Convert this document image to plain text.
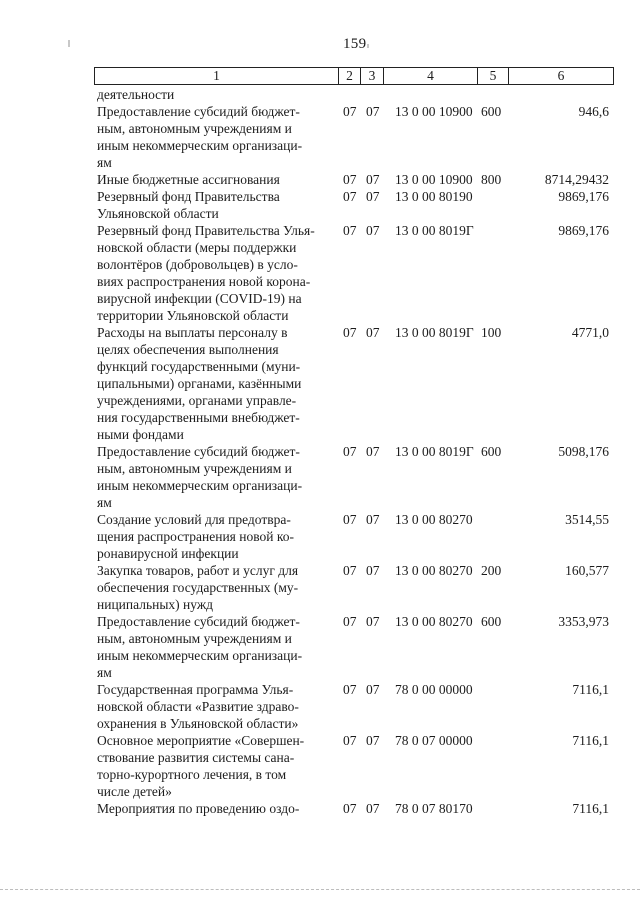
159
1	2	3	4	5	6
деятельности
Предоставление субсидий бюджет-
ным, автономным учреждениям и
иным некоммерческим организаци-
ям
07 07 13 0 00 10900 600	946,6
Иные бюджетные ассигнования	07 07 13 0 00 10900 800	8714,29432
Резервный фонд Правительства
Ульяновской области
07 07 13 0 00 80190	9869,176
Резервный фонд Правительства Улья-
новской области (меры поддержки
волонтёров (добровольцев) в усло-
виях распространения новой корона-
вирусной инфекции (COVID-19) на
территории Ульяновской области
07 07 13 0 00 8019Г	9869,176
Расходы на выплаты персоналу в
целях обеспечения выполнения
функций государственными (муни-
ципальными) органами, казёнными
учреждениями, органами управле-
ния государственными внебюджет-
ными фондами
07 07 13 0 00 8019Г 100	4771,0
Предоставление субсидий бюджет-
ным, автономным учреждениям и
иным некоммерческим организаци-
ям
07 07 13 0 00 8019Г 600	5098,176
Создание условий для предотвра-
щения распространения новой ко-
ронавирусной инфекции
07 07 13 0 00 80270	3514,55
Закупка товаров, работ и услуг для
обеспечения государственных (му-
ниципальных) нужд
07 07 13 0 00 80270 200	160,577
Предоставление субсидий бюджет-
ным, автономным учреждениям и
иным некоммерческим организаци-
ям
07 07 13 0 00 80270 600	3353,973
Государственная программа Улья-
новской области «Развитие здраво-
охранения в Ульяновской области»
07 07 78 0 00 00000	7116,1
Основное мероприятие «Совершен-
ствование развития системы сана-
торно-курортного лечения, в том
числе детей»
07 07 78 0 07 00000	7116,1
Мероприятия по проведению оздо-	07 07 78 0 07 80170	7116,1
